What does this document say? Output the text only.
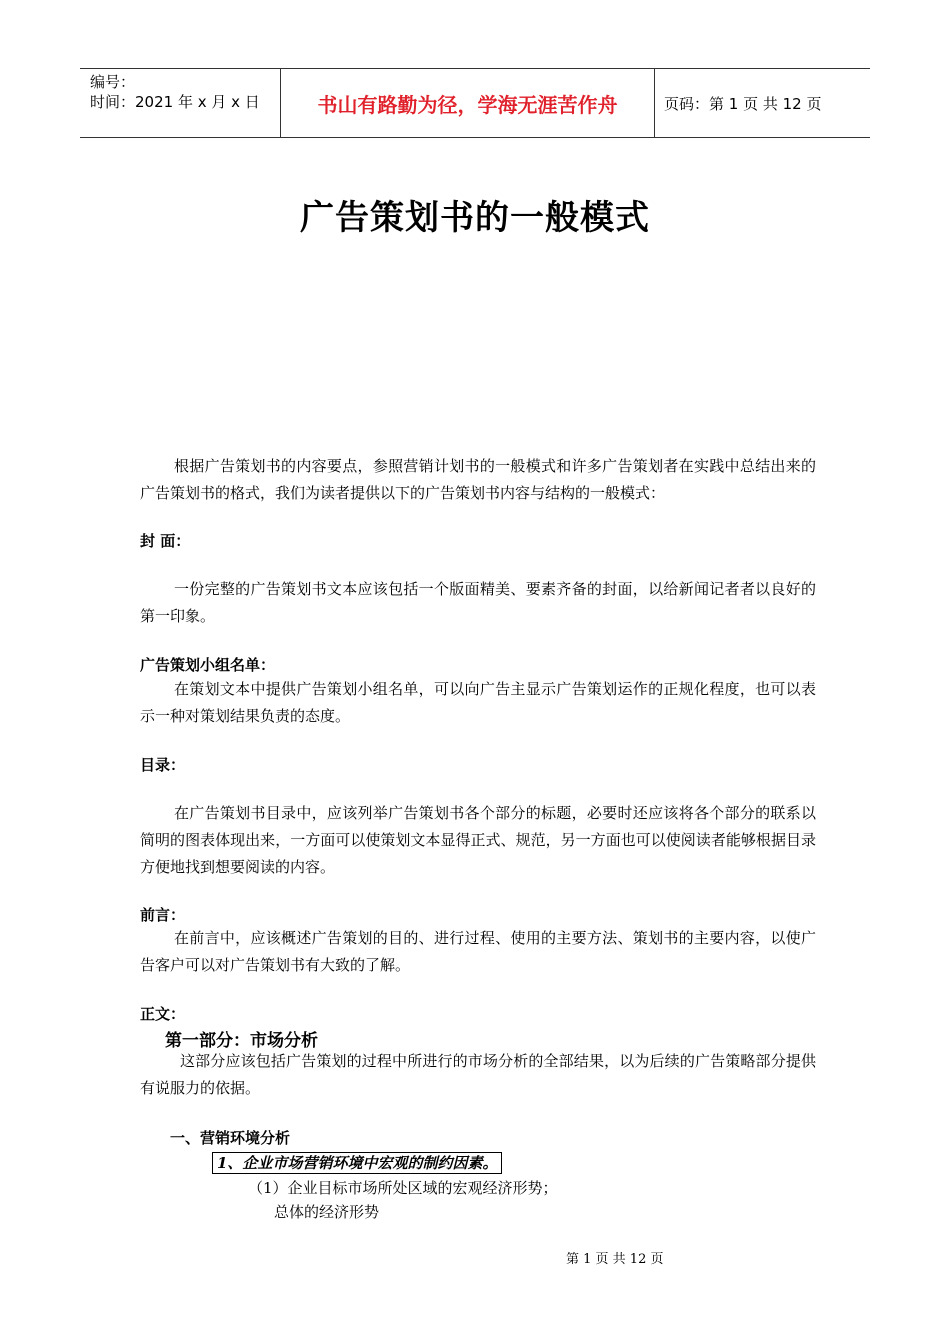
编号：
时间：2021 年 x 月 x 日	书山有路勤为径，学海无涯苦作舟	页码：第 1 页 共 12 页
广告策划书的一般模式
根据广告策划书的内容要点，参照营销计划书的一般模式和许多广告策划者在实践中总结出来的广告策划书的格式，我们为读者提供以下的广告策划书内容与结构的一般模式：
封 面：
一份完整的广告策划书文本应该包括一个版面精美、要素齐备的封面，以给新闻记者者以良好的第一印象。
广告策划小组名单：
在策划文本中提供广告策划小组名单，可以向广告主显示广告策划运作的正规化程度，也可以表示一种对策划结果负责的态度。
目录：
在广告策划书目录中，应该列举广告策划书各个部分的标题，必要时还应该将各个部分的联系以简明的图表体现出来，一方面可以使策划文本显得正式、规范，另一方面也可以使阅读者能够根据目录方便地找到想要阅读的内容。
前言：
在前言中，应该概述广告策划的目的、进行过程、使用的主要方法、策划书的主要内容，以使广告客户可以对广告策划书有大致的了解。
正文：
第一部分：市场分析
这部分应该包括广告策划的过程中所进行的市场分析的全部结果，以为后续的广告策略部分提供有说服力的依据。
一、营销环境分析
1、企业市场营销环境中宏观的制约因素。
（1）企业目标市场所处区域的宏观经济形势；
总体的经济形势
第 1 页 共 12 页
